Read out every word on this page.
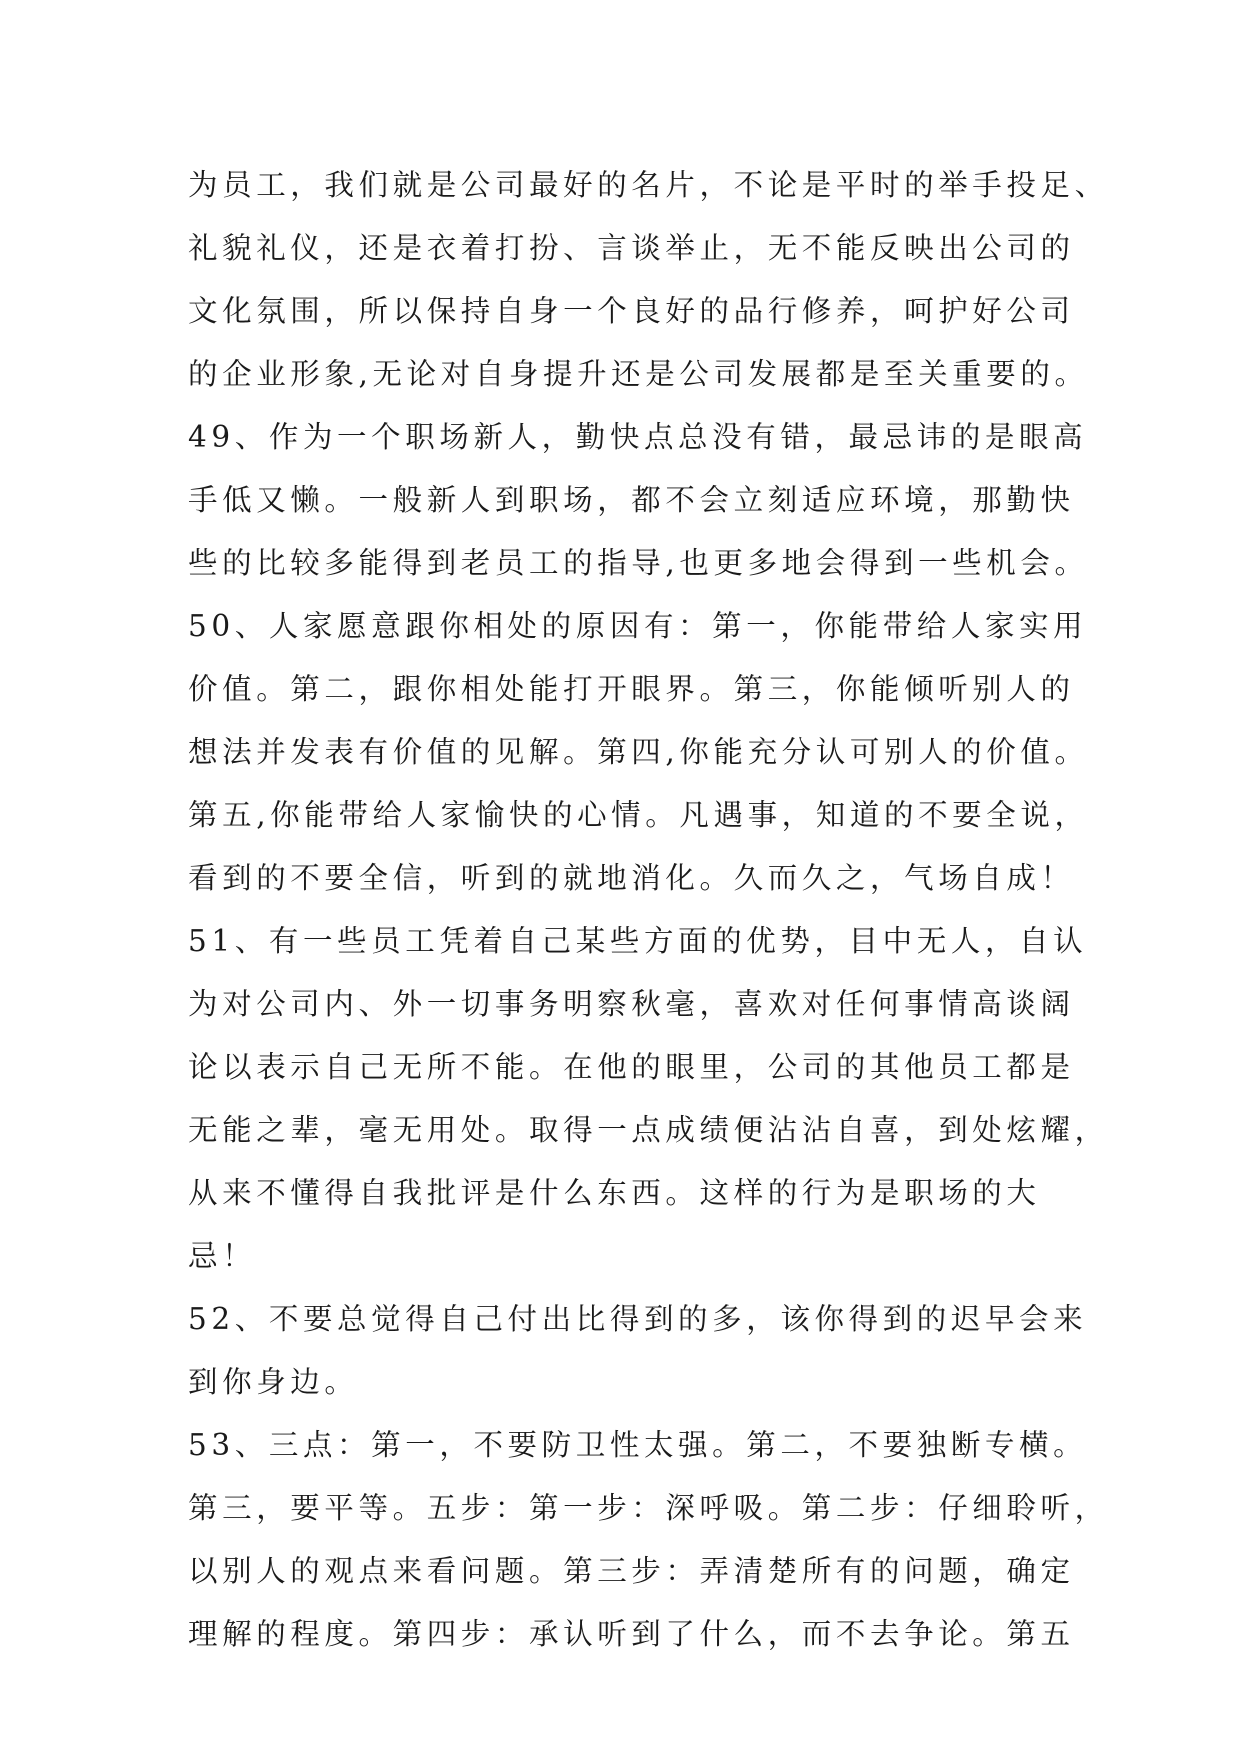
为员工，我们就是公司最好的名片，不论是平时的举手投足、
礼貌礼仪，还是衣着打扮、言谈举止，无不能反映出公司的
文化氛围，所以保持自身一个良好的品行修养，呵护好公司
的企业形象,无论对自身提升还是公司发展都是至关重要的。
49、作为一个职场新人，勤快点总没有错，最忌讳的是眼高
手低又懒。一般新人到职场，都不会立刻适应环境，那勤快
些的比较多能得到老员工的指导,也更多地会得到一些机会。
50、人家愿意跟你相处的原因有：第一，你能带给人家实用
价值。第二，跟你相处能打开眼界。第三，你能倾听别人的
想法并发表有价值的见解。第四,你能充分认可别人的价值。
第五,你能带给人家愉快的心情。凡遇事，知道的不要全说，
看到的不要全信，听到的就地消化。久而久之，气场自成！
51、有一些员工凭着自己某些方面的优势，目中无人，自认
为对公司内、外一切事务明察秋毫，喜欢对任何事情高谈阔
论以表示自己无所不能。在他的眼里，公司的其他员工都是
无能之辈，毫无用处。取得一点成绩便沾沾自喜，到处炫耀，
从来不懂得自我批评是什么东西。这样的行为是职场的大
忌！
52、不要总觉得自己付出比得到的多，该你得到的迟早会来
到你身边。
53、三点：第一，不要防卫性太强。第二，不要独断专横。
第三，要平等。五步：第一步：深呼吸。第二步：仔细聆听，
以别人的观点来看问题。第三步：弄清楚所有的问题，确定
理解的程度。第四步：承认听到了什么，而不去争论。第五
